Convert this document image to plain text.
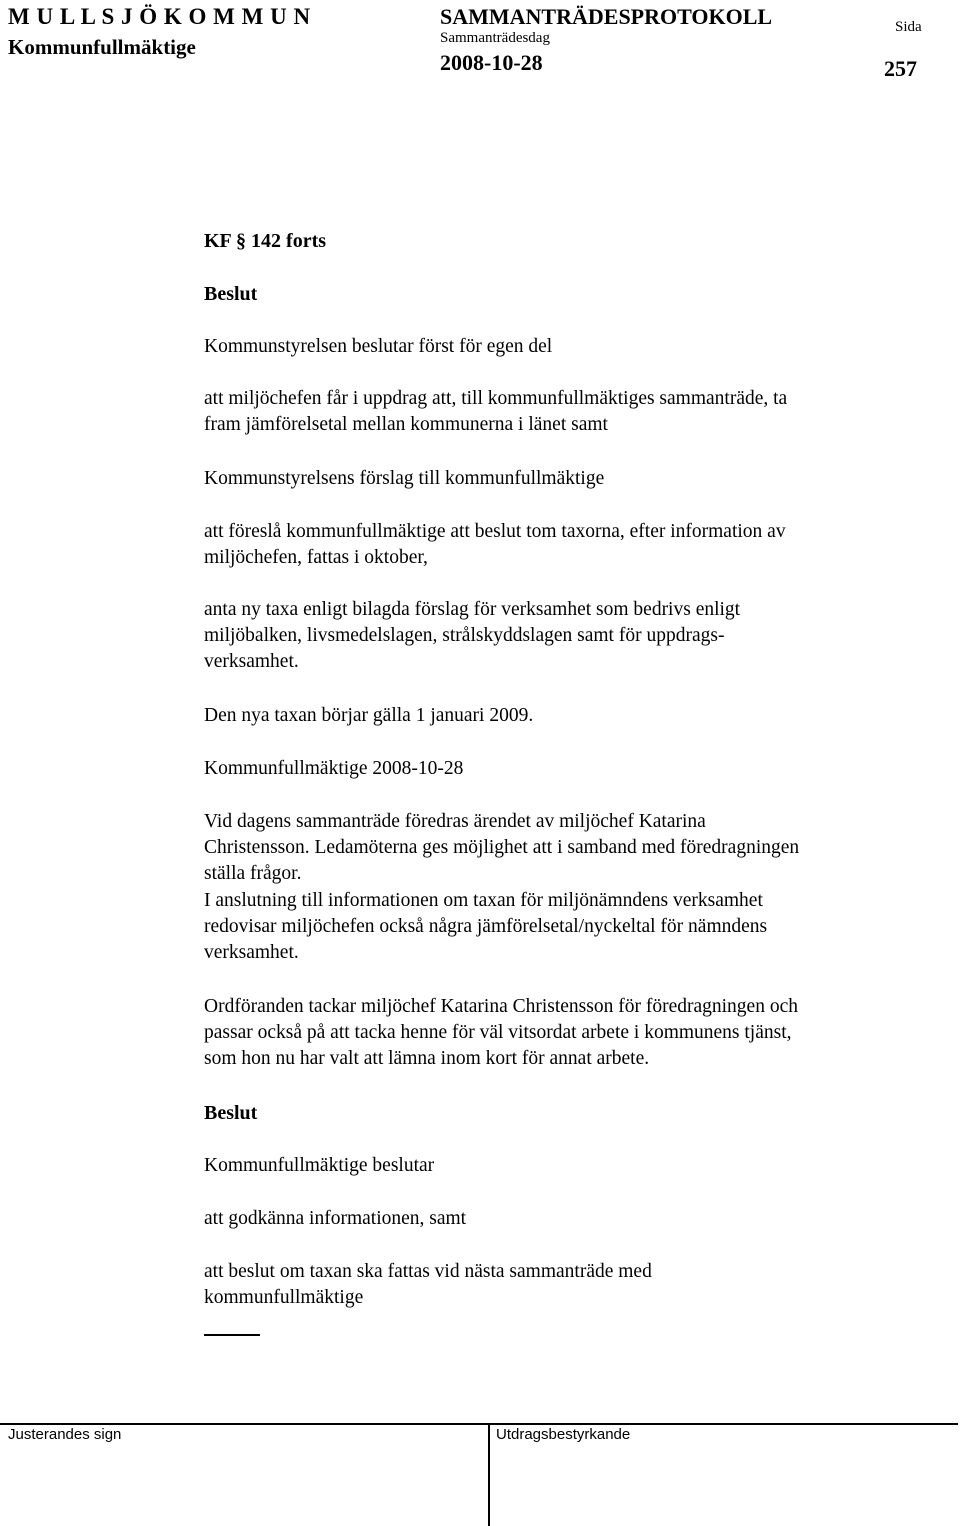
M U L L S J Ö K O M M U N
Kommunfullmäktige
SAMMANTRÄDESPROTOKOLL
Sammanträdesdag
2008-10-28
Sida
257
KF § 142 forts
Beslut
Kommunstyrelsen beslutar först för egen del
att miljöchefen får i uppdrag att, till kommunfullmäktiges sammanträde, ta
fram jämförelsetal mellan kommunerna i länet samt
Kommunstyrelsens förslag till kommunfullmäktige
att föreslå kommunfullmäktige att beslut tom taxorna, efter information av
miljöchefen, fattas i oktober,
anta ny taxa enligt bilagda förslag för verksamhet som bedrivs enligt
miljöbalken, livsmedelslagen, strålskyddslagen samt för uppdrags-
verksamhet.
Den nya taxan börjar gälla 1 januari 2009.
Kommunfullmäktige 2008-10-28
Vid dagens sammanträde föredras ärendet av miljöchef Katarina
Christensson. Ledamöterna ges möjlighet att i samband med föredragningen
ställa frågor.
I anslutning till informationen om taxan för miljönämndens verksamhet
redovisar miljöchefen också några jämförelsetal/nyckeltal för nämndens
verksamhet.
Ordföranden tackar miljöchef Katarina Christensson för föredragningen och
passar också på att tacka henne för väl vitsordat arbete i kommunens tjänst,
som hon nu har valt att lämna inom kort för annat arbete.
Beslut
Kommunfullmäktige beslutar
att godkänna informationen, samt
att beslut om taxan ska fattas vid nästa sammanträde med
kommunfullmäktige
Justerandes sign	Utdragsbestyrkande
